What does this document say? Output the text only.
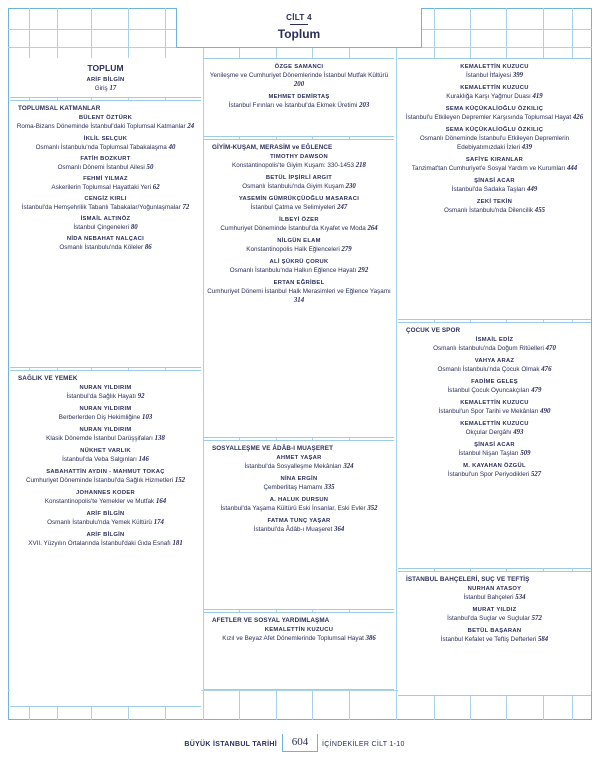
CİLT 4
Toplum
TOPLUM
ARİF BİLGİN
Giriş 17
TOPLUMSAL KATMANLAR
BÜLENT ÖZTÜRK
Roma-Bizans Döneminde İstanbul'daki Toplumsal Katmanlar 24
İKLİL SELÇUK
Osmanlı İstanbulu'nda Toplumsal Tabakalaşma 40
FATİH BOZKURT
Osmanlı Dönemi İstanbul Ailesi 50
FEHMİ YILMAZ
Askerilerin Toplumsal Hayattaki Yeri 62
CENGİZ KIRLI
İstanbul'da Hemşehrilik Tabanlı Tabakalar/Yoğunlaşmalar 72
İSMAİL ALTINÖZ
İstanbul Çingeneleri 80
NİDA NEBAHAT NALÇACI
Osmanlı İstanbulu'nda Köleler 86
SAĞLIK VE YEMEK
NURAN YILDIRIM
İstanbul'da Sağlık Hayatı 92
NURAN YILDIRIM
Berberlerden Diş Hekimliğine 103
NURAN YILDIRIM
Klasik Dönemde İstanbul Darüşşifaları 138
NÜKHET VARLIK
İstanbul'da Veba Salgınları 146
SABAHATTİN AYDIN - MAHMUT TOKAÇ
Cumhuriyet Döneminde İstanbul'da Sağlık Hizmetleri 152
JOHANNES KODER
Konstantinopolis'te Yemekler ve Mutfak 164
ARİF BİLGİN
Osmanlı İstanbulu'nda Yemek Kültürü 174
ARİF BİLGİN
XVII. Yüzyılın Ortalarında İstanbul'daki Gıda Esnafı 181
ÖZGE SAMANCI
Yenileşme ve Cumhuriyet Dönemlerinde İstanbul Mutfak Kültürü 200
MEHMET DEMİRTAŞ
İstanbul Fırınları ve İstanbul'da Ekmek Üretimi 203
GİYİM-KUŞAM, MERASİM ve EĞLENCE
TIMOTHY DAWSON
Konstantinopolis'te Giyim Kuşam: 330-1453 218
BETÜL İPŞİRLİ ARGIT
Osmanlı İstanbulu'nda Giyim Kuşam 230
YASEMİN GÜMRÜKÇÜOĞLU MASARACI
İstanbul Çatma ve Selimiyeleri 247
İLBEYİ ÖZER
Cumhuriyet Döneminde İstanbul'da Kıyafet ve Moda 264
NİLGÜN ELAM
Konstantinopolis Halk Eğlenceleri 279
ALİ ŞÜKRÜ ÇORUK
Osmanlı İstanbulu'nda Halkın Eğlence Hayatı 292
ERTAN EĞRİBEL
Cumhuriyet Dönemi İstanbul Halk Merasimleri ve Eğlence Yaşamı 314
SOSYALLEŞME VE ÂDÂB-I MUAŞERET
AHMET YAŞAR
İstanbul'da Sosyalleşme Mekânları 324
NİNA ERGİN
Çemberlitaş Hamamı 335
A. HALUK DURSUN
İstanbul'da Yaşama Kültürü Eski İnsanlar, Eski Evler 352
FATMA TUNÇ YAŞAR
İstanbul'da Âdâb-ı Muaşeret 364
AFETLER VE SOSYAL YARDIMLAŞMA
KEMALETTİN KUZUCU
Kızıl ve Beyaz Afet Dönemlerinde Toplumsal Hayat 386
KEMALETTİN KUZUCU
İstanbul İtfaiyesi 399
KEMALETTİN KUZUCU
Kuraklığa Karşı Yağmur Duası 419
SEMA KÜÇÜKALİOĞLU ÖZKILIÇ
İstanbul'u Etkileyen Depremler Karşısında Toplumsal Hayat 426
SEMA KÜÇÜKALİOĞLU ÖZKILIÇ
Osmanlı Döneminde İstanbul'u Etkileyen Depremlerin Edebiyatımızdaki İzleri 439
SAFİYE KIRANLAR
Tanzimat'tan Cumhuriyet'e Sosyal Yardım ve Kurumları 444
ŞİNASİ ACAR
İstanbul'da Sadaka Taşları 449
ZEKİ TEKİN
Osmanlı İstanbulu'nda Dilencilik 455
ÇOCUK VE SPOR
İSMAİL EDİZ
Osmanlı İstanbulu'nda Doğum Ritüelleri 470
VAHYA ARAZ
Osmanlı İstanbulu'nda Çocuk Olmak 476
FADİME GELEŞ
İstanbul Çocuk Oyuncakçıları 479
KEMALETTİN KUZUCU
İstanbul'un Spor Tarihi ve Mekânları 490
KEMALETTİN KUZUCU
Okçular Dergâhı 493
ŞİNASİ ACAR
İstanbul Nişan Taşları 509
M. KAYAHAN ÖZGÜL
İstanbul'un Spor Periyodikleri 527
İSTANBUL BAHÇELERİ, SUÇ VE TEFTİŞ
NURHAN ATASOY
İstanbul Bahçeleri 534
MURAT YILDIZ
İstanbul'da Suçlar ve Suçlular 572
BETÜL BAŞARAN
İstanbul Kefalet ve Teftiş Defterleri 584
BÜYÜK İSTANBUL TARİHİ	604	İÇİNDEKİLER CİLT 1-10
